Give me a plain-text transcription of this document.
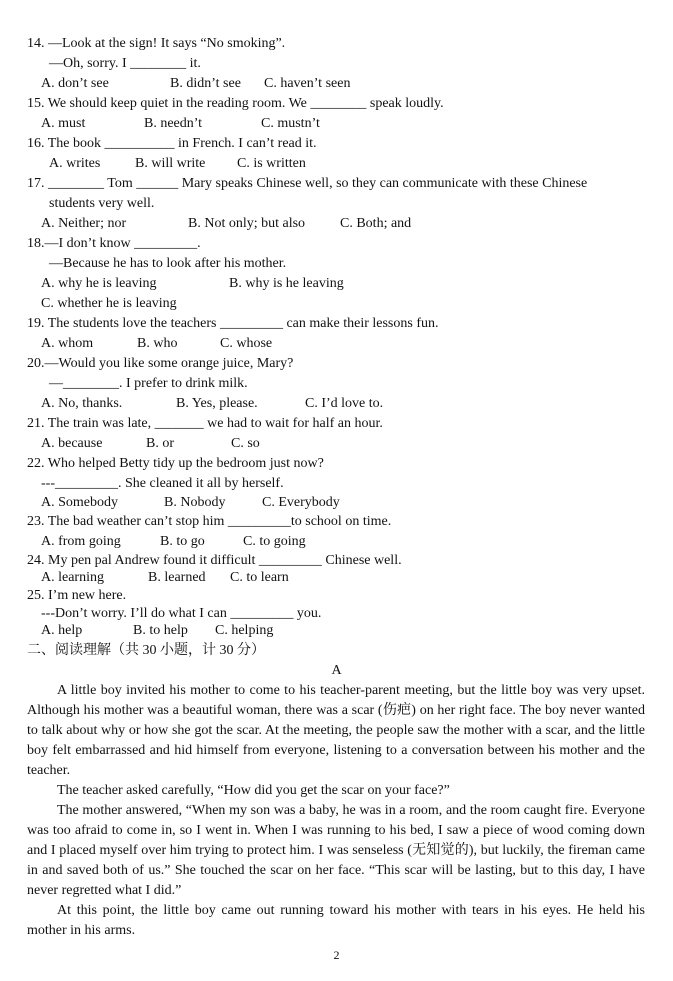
14. —Look at the sign! It says “No smoking”.
—Oh, sorry. I ________ it.
A. don’t see	B. didn’t see C. haven’t seen
15. We should keep quiet in the reading room. We ________ speak loudly.
A. must	B. needn’t	C. mustn’t
16. The book __________ in French. I can’t read it.
A. writes B. will write C. is written
17. ________ Tom ______ Mary speaks Chinese well, so they can communicate with these Chinese
students very well.
A. Neither; nor	B. Not only; but also C. Both; and
18.—I don’t know _________.
—Because he has to look after his mother.
A. why he is leaving	B. why is he leaving
C. whether he is leaving
19. The students love the teachers _________ can make their lessons fun.
A. whom	B. who	C. whose
20.—Would you like some orange juice, Mary?
—________. I prefer to drink milk.
A. No, thanks.	B. Yes, please.	C. I’d love to.
21. The train was late, _______ we had to wait for half an hour.
A. because	B. or	C. so
22. Who helped Betty tidy up the bedroom just now?
---_________. She cleaned it all by herself.
A. Somebody	B. Nobody	C. Everybody
23. The bad weather can’t stop him _________to school on time.
A. from going	B. to go	C. to going
24. My pen pal Andrew found it difficult _________ Chinese well.
A. learning	B. learned C. to learn
25. I’m new here.
---Don’t worry. I’ll do what I can _________ you.
A. help	B. to help C. helping
二、阅读理解（共 30 小题，计 30 分）
A
A little boy invited his mother to come to his teacher-parent meeting, but the little boy was very upset. Although his mother was a beautiful woman, there was a scar (伤疤) on her right face. The boy never wanted to talk about why or how she got the scar. At the meeting, the people saw the mother with a scar, and the little boy felt embarrassed and hid himself from everyone, listening to a conversation between his mother and the teacher.
The teacher asked carefully, “How did you get the scar on your face?”
The mother answered, “When my son was a baby, he was in a room, and the room caught fire. Everyone was too afraid to come in, so I went in. When I was running to his bed, I saw a piece of wood coming down and I placed myself over him trying to protect him. I was senseless (无知觉的), but luckily, the fireman came in and saved both of us.” She touched the scar on her face. “This scar will be lasting, but to this day, I have never regretted what I did.”
At this point, the little boy came out running toward his mother with tears in his eyes. He held his mother in his arms.
2
